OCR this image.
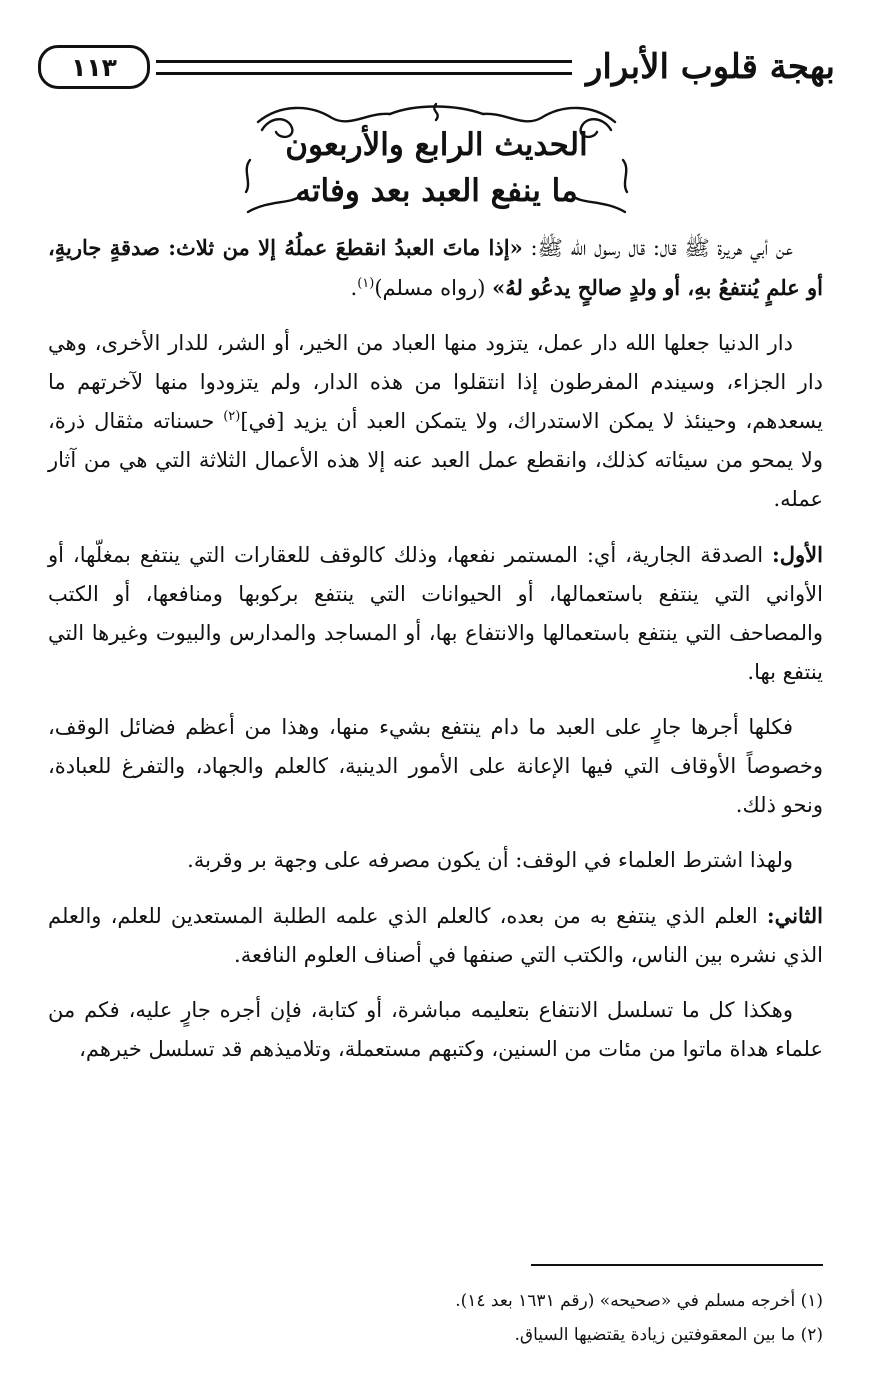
بهجة قلوب الأبرار
١١٣
الحديث الرابع والأربعون
ما ينفع العبد بعد وفاته

عن أبي هريرة ﷺ قال: قال رسول الله ﷺ: «إذا ماتَ العبدُ انقطعَ عملُهُ إلا من ثلاث: صدقةٍ جاريةٍ، أو علمٍ يُنتفعُ بهِ، أو ولدٍ صالحٍ يدعُو لهُ» (رواه مسلم)$^{(١)}$.

دار الدنيا جعلها الله دار عمل، يتزود منها العباد من الخير، أو الشر، للدار الأخرى، وهي دار الجزاء، وسيندم المفرطون إذا انتقلوا من هذه الدار، ولم يتزودوا منها لآخرتهم ما يسعدهم، وحينئذ لا يمكن الاستدراك، ولا يتمكن العبد أن يزيد [في]$^{(٢)}$ حسناته مثقال ذرة، ولا يمحو من سيئاته كذلك، وانقطع عمل العبد عنه إلا هذه الأعمال الثلاثة التي هي من آثار عمله.

الأول: الصدقة الجارية، أي: المستمر نفعها، وذلك كالوقف للعقارات التي ينتفع بمغلّها، أو الأواني التي ينتفع باستعمالها، أو الحيوانات التي ينتفع بركوبها ومنافعها، أو الكتب والمصاحف التي ينتفع باستعمالها والانتفاع بها، أو المساجد والمدارس والبيوت وغيرها التي ينتفع بها.

فكلها أجرها جارٍ على العبد ما دام ينتفع بشيء منها، وهذا من أعظم فضائل الوقف، وخصوصاً الأوقاف التي فيها الإعانة على الأمور الدينية، كالعلم والجهاد، والتفرغ للعبادة، ونحو ذلك.

ولهذا اشترط العلماء في الوقف: أن يكون مصرفه على وجهة بر وقربة.

الثاني: العلم الذي ينتفع به من بعده، كالعلم الذي علمه الطلبة المستعدين للعلم، والعلم الذي نشره بين الناس، والكتب التي صنفها في أصناف العلوم النافعة.

وهكذا كل ما تسلسل الانتفاع بتعليمه مباشرة، أو كتابة، فإن أجره جارٍ عليه، فكم من علماء هداة ماتوا من مئات من السنين، وكتبهم مستعملة، وتلاميذهم قد تسلسل خيرهم،

(١) أخرجه مسلم في «صحيحه» (رقم ١٦٣١ بعد ١٤).

(٢) ما بين المعقوفتين زيادة يقتضيها السياق.
